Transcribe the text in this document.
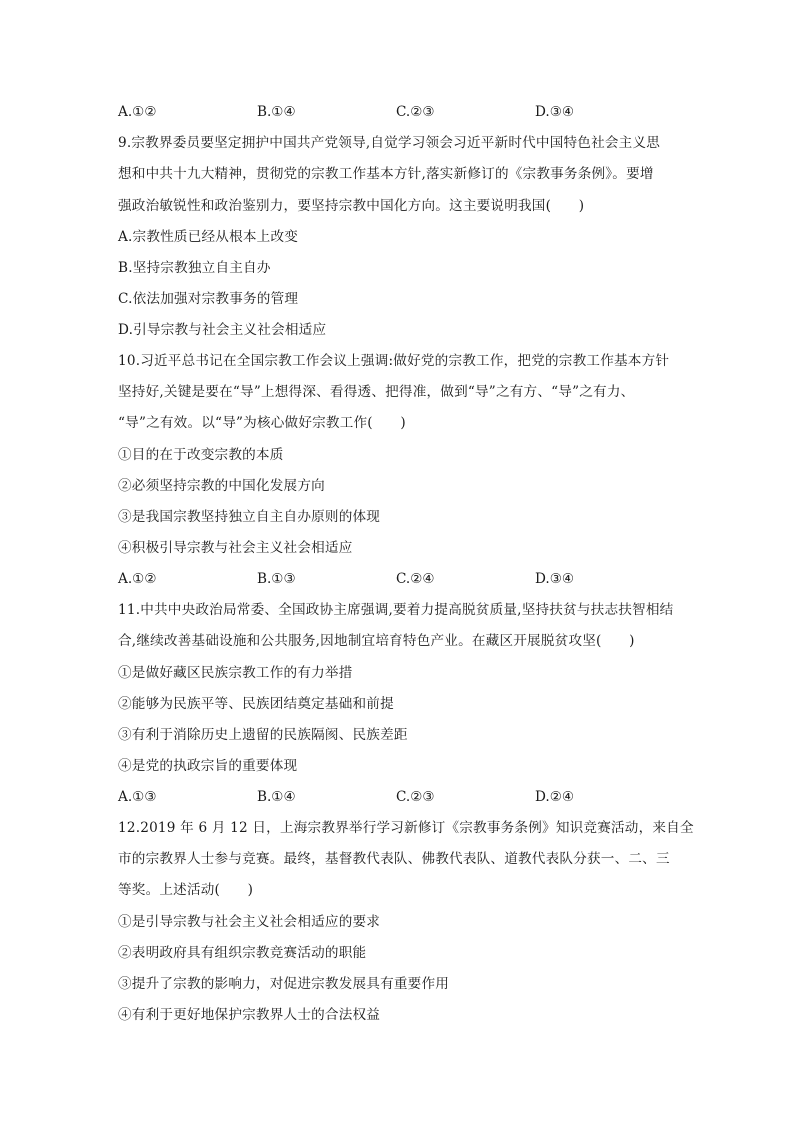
A.①②	B.①④	C.②③	D.③④
9.宗教界委员要坚定拥护中国共产党领导,自觉学习领会习近平新时代中国特色社会主义思
想和中共十九大精神，贯彻党的宗教工作基本方针,落实新修订的《宗教事务条例》。要增
强政治敏锐性和政治鉴别力，要坚持宗教中国化方向。这主要说明我国(　　)
A.宗教性质已经从根本上改变
B.坚持宗教独立自主自办
C.依法加强对宗教事务的管理
D.引导宗教与社会主义社会相适应
10.习近平总书记在全国宗教工作会议上强调:做好党的宗教工作，把党的宗教工作基本方针
坚持好,关键是要在“导”上想得深、看得透、把得准，做到“导”之有方、“导”之有力、
“导”之有效。以“导”为核心做好宗教工作(　　)
①目的在于改变宗教的本质
②必须坚持宗教的中国化发展方向
③是我国宗教坚持独立自主自办原则的体现
④积极引导宗教与社会主义社会相适应
A.①②	B.①③	C.②④	D.③④
11.中共中央政治局常委、全国政协主席强调,要着力提高脱贫质量,坚持扶贫与扶志扶智相结
合,继续改善基础设施和公共服务,因地制宜培育特色产业。在藏区开展脱贫攻坚(　　)
①是做好藏区民族宗教工作的有力举措
②能够为民族平等、民族团结奠定基础和前提
③有利于消除历史上遗留的民族隔阂、民族差距
④是党的执政宗旨的重要体现
A.①③	B.①④	C.②③	D.②④
12.2019 年 6 月 12 日，上海宗教界举行学习新修订《宗教事务条例》知识竞赛活动，来自全
市的宗教界人士参与竞赛。最终，基督教代表队、佛教代表队、道教代表队分获一、二、三
等奖。上述活动(　　)
①是引导宗教与社会主义社会相适应的要求
②表明政府具有组织宗教竞赛活动的职能
③提升了宗教的影响力，对促进宗教发展具有重要作用
④有利于更好地保护宗教界人士的合法权益
